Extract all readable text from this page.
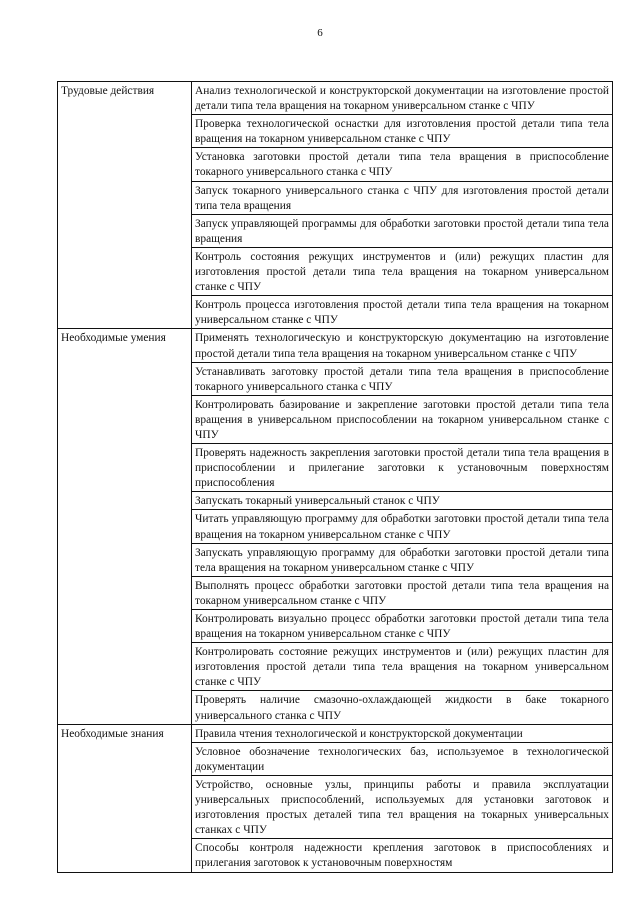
6
Трудовые действия	Анализ технологической и конструкторской документации на изготовление простой детали типа тела вращения на токарном универсальном станке с ЧПУ
	Проверка технологической оснастки для изготовления простой детали типа тела вращения на токарном универсальном станке с ЧПУ
	Установка заготовки простой детали типа тела вращения в приспособление токарного универсального станка с ЧПУ
	Запуск токарного универсального станка с ЧПУ для изготовления простой детали типа тела вращения
	Запуск управляющей программы для обработки заготовки простой детали типа тела вращения
	Контроль состояния режущих инструментов и (или) режущих пластин для изготовления простой детали типа тела вращения на токарном универсальном станке с ЧПУ
	Контроль процесса изготовления простой детали типа тела вращения на токарном универсальном станке с ЧПУ
Необходимые умения	Применять технологическую и конструкторскую документацию на изготовление простой детали типа тела вращения на токарном универсальном станке с ЧПУ
	Устанавливать заготовку простой детали типа тела вращения в приспособление токарного универсального станка с ЧПУ
	Контролировать базирование и закрепление заготовки простой детали типа тела вращения в универсальном приспособлении на токарном универсальном станке с ЧПУ
	Проверять надежность закрепления заготовки простой детали типа тела вращения в приспособлении и прилегание заготовки к установочным поверхностям приспособления
	Запускать токарный универсальный станок с ЧПУ
	Читать управляющую программу для обработки заготовки простой детали типа тела вращения на токарном универсальном станке с ЧПУ
	Запускать управляющую программу для обработки заготовки простой детали типа тела вращения на токарном универсальном станке с ЧПУ
	Выполнять процесс обработки заготовки простой детали типа тела вращения на токарном универсальном станке с ЧПУ
	Контролировать визуально процесс обработки заготовки простой детали типа тела вращения на токарном универсальном станке с ЧПУ
	Контролировать состояние режущих инструментов и (или) режущих пластин для изготовления простой детали типа тела вращения на токарном универсальном станке с ЧПУ
	Проверять наличие смазочно-охлаждающей жидкости в баке токарного универсального станка с ЧПУ
Необходимые знания	Правила чтения технологической и конструкторской документации
	Условное обозначение технологических баз, используемое в технологической документации
	Устройство, основные узлы, принципы работы и правила эксплуатации универсальных приспособлений, используемых для установки заготовок и изготовления простых деталей типа тел вращения на токарных универсальных станках с ЧПУ
	Способы контроля надежности крепления заготовок в приспособлениях и прилегания заготовок к установочным поверхностям
